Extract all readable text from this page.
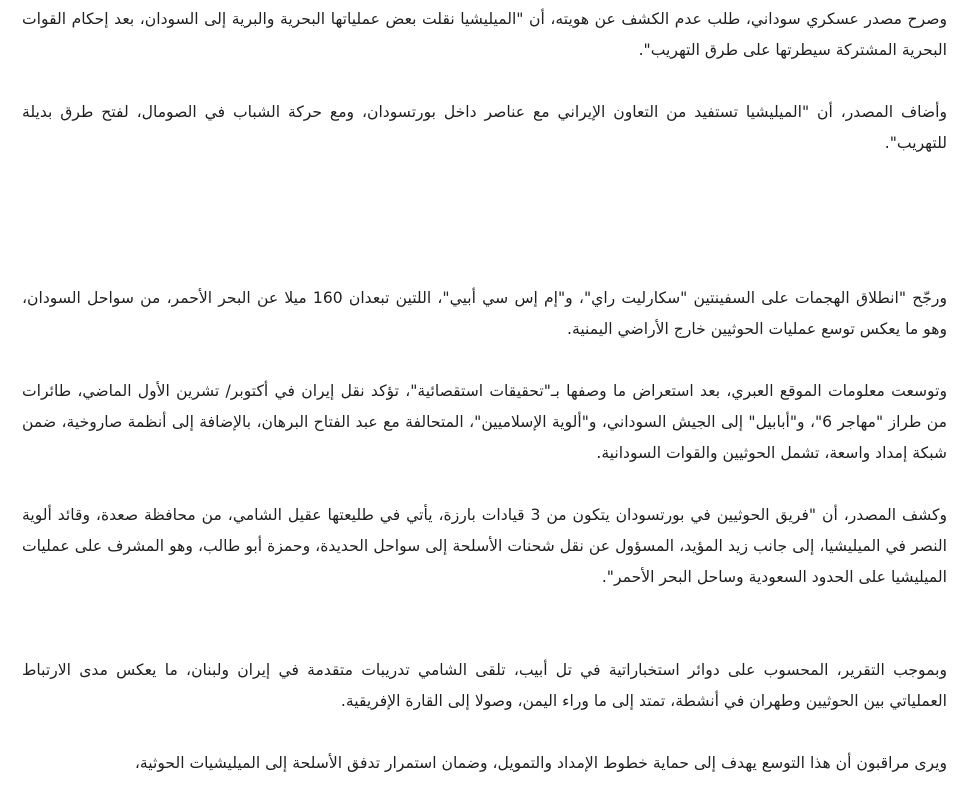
وصرح مصدر عسكري سوداني، طلب عدم الكشف عن هويته، أن "الميليشيا نقلت بعض عملياتها البحرية والبرية إلى السودان، بعد إحكام القوات البحرية المشتركة سيطرتها على طرق التهريب".

وأضاف المصدر، أن "الميليشيا تستفيد من التعاون الإيراني مع عناصر داخل بورتسودان، ومع حركة الشباب في الصومال، لفتح طرق بديلة للتهريب".

ورجّح "انطلاق الهجمات على السفينتين "سكارليت راي"، و"إم إس سي أبيي"، اللتين تبعدان 160 ميلا عن البحر الأحمر، من سواحل السودان، وهو ما يعكس توسع عمليات الحوثيين خارج الأراضي اليمنية.

وتوسعت معلومات الموقع العبري، بعد استعراض ما وصفها بـ"تحقيقات استقصائية"، تؤكد نقل إيران في أكتوبر/ تشرين الأول الماضي، طائرات من طراز "مهاجر 6"، و"أبابيل" إلى الجيش السوداني، و"ألوية الإسلاميين"، المتحالفة مع عبد الفتاح البرهان، بالإضافة إلى أنظمة صاروخية، ضمن شبكة إمداد واسعة، تشمل الحوثيين والقوات السودانية.

وكشف المصدر، أن "فريق الحوثيين في بورتسودان يتكون من 3 قيادات بارزة، يأتي في طليعتها عقيل الشامي، من محافظة صعدة، وقائد ألوية النصر في الميليشيا، إلى جانب زيد المؤيد، المسؤول عن نقل شحنات الأسلحة إلى سواحل الحديدة، وحمزة أبو طالب، وهو المشرف على عمليات الميليشيا على الحدود السعودية وساحل البحر الأحمر".

وبموجب التقرير، المحسوب على دوائر استخباراتية في تل أبيب، تلقى الشامي تدريبات متقدمة في إيران ولبنان، ما يعكس مدى الارتباط العملياتي بين الحوثيين وطهران في أنشطة، تمتد إلى ما وراء اليمن، وصولا إلى القارة الإفريقية.

ويرى مراقبون أن هذا التوسع يهدف إلى حماية خطوط الإمداد والتمويل، وضمان استمرار تدفق الأسلحة إلى الميليشيات الحوثية،
